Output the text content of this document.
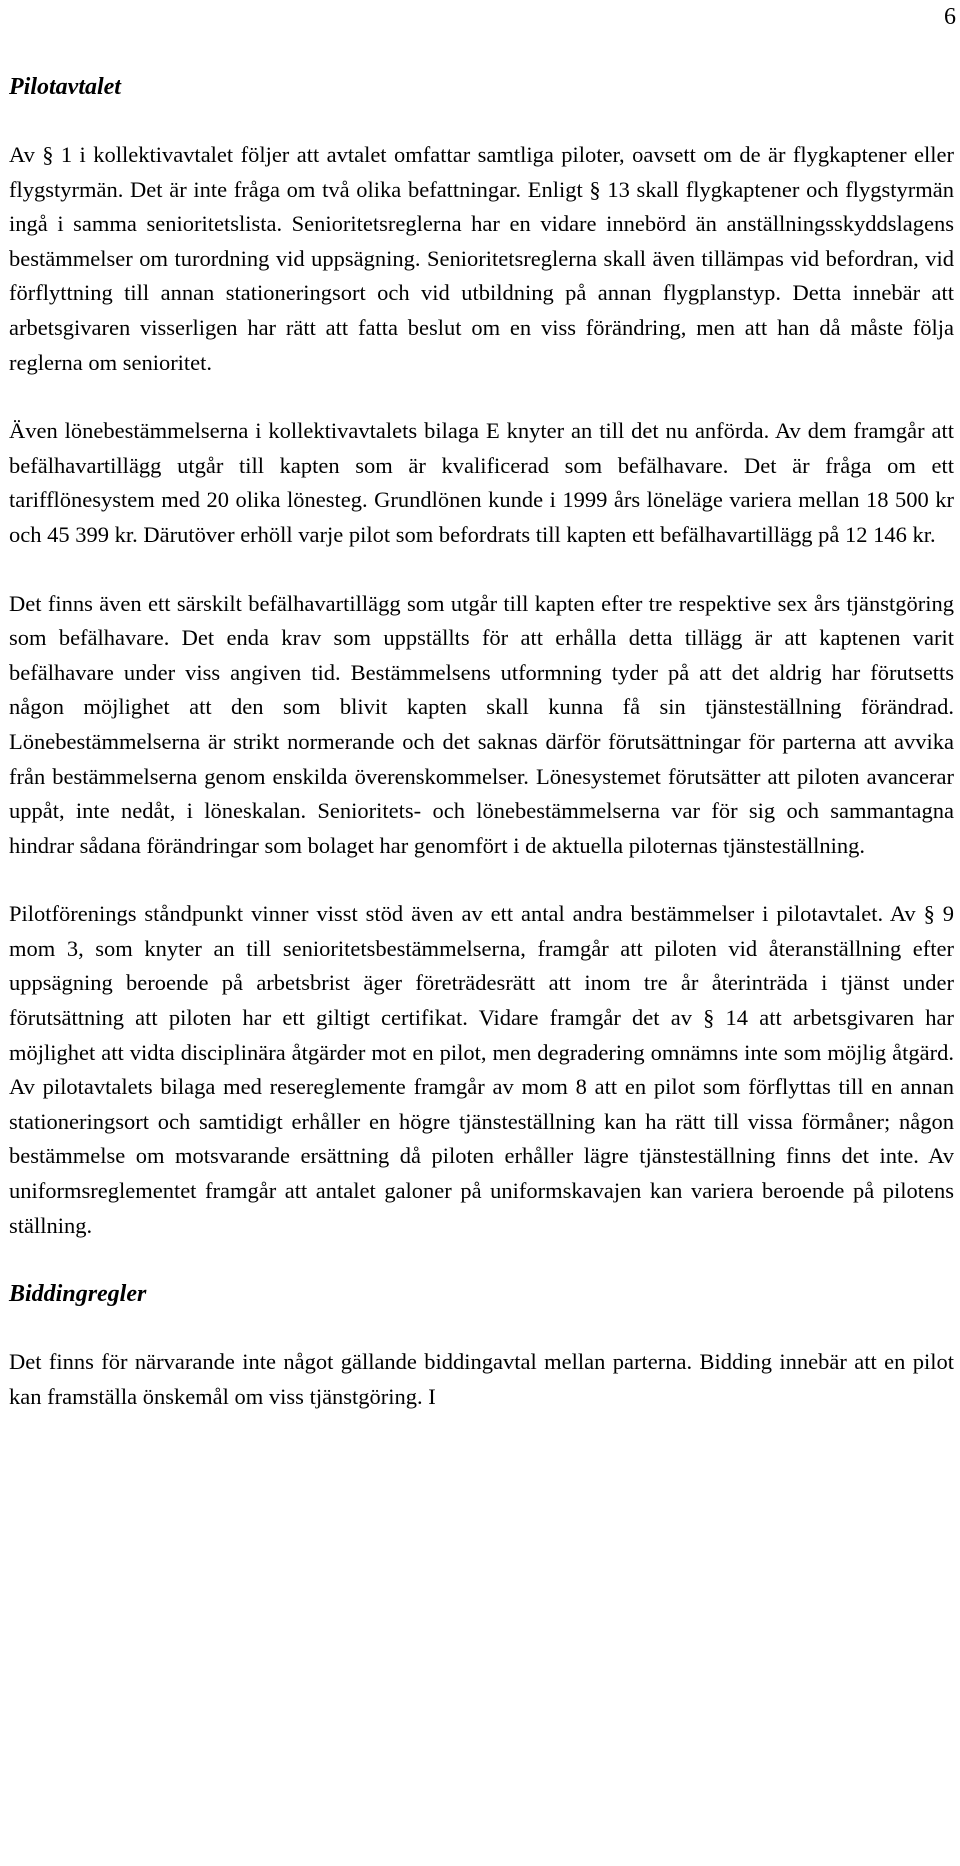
6
Pilotavtalet

Av § 1 i kollektivavtalet följer att avtalet omfattar samtliga piloter, oavsett om de är flygkaptener eller flygstyrmän. Det är inte fråga om två olika befattningar. Enligt § 13 skall flygkaptener och flygstyrmän ingå i samma senioritetslista. Senioritetsreglerna har en vidare innebörd än anställningsskyddslagens bestämmelser om turordning vid uppsägning. Senioritetsreglerna skall även tillämpas vid befordran, vid förflyttning till annan stationeringsort och vid utbildning på annan flygplanstyp. Detta innebär att arbetsgivaren visserligen har rätt att fatta beslut om en viss förändring, men att han då måste följa reglerna om senioritet.

Även lönebestämmelserna i kollektivavtalets bilaga E knyter an till det nu anförda. Av dem framgår att befälhavartillägg utgår till kapten som är kvalificerad som befälhavare. Det är fråga om ett tarifflönesystem med 20 olika lönesteg. Grundlönen kunde i 1999 års löneläge variera mellan 18 500 kr och 45 399 kr. Därutöver erhöll varje pilot som befordrats till kapten ett befälhavartillägg på 12 146 kr.

Det finns även ett särskilt befälhavartillägg som utgår till kapten efter tre respektive sex års tjänstgöring som befälhavare. Det enda krav som uppställts för att erhålla detta tillägg är att kaptenen varit befälhavare under viss angiven tid. Bestämmelsens utformning tyder på att det aldrig har förutsetts någon möjlighet att den som blivit kapten skall kunna få sin tjänsteställning förändrad. Lönebestämmelserna är strikt normerande och det saknas därför förutsättningar för parterna att avvika från bestämmelserna genom enskilda överenskommelser. Lönesystemet förutsätter att piloten avancerar uppåt, inte nedåt, i löneskalan. Senioritets- och lönebestämmelserna var för sig och sammantagna hindrar sådana förändringar som bolaget har genomfört i de aktuella piloternas tjänsteställning.

Pilotförenings ståndpunkt vinner visst stöd även av ett antal andra bestämmelser i pilotavtalet. Av § 9 mom 3, som knyter an till senioritetsbestämmelserna, framgår att piloten vid återanställning efter uppsägning beroende på arbetsbrist äger företrädesrätt att inom tre år återinträda i tjänst under förutsättning att piloten har ett giltigt certifikat. Vidare framgår det av § 14 att arbetsgivaren har möjlighet att vidta disciplinära åtgärder mot en pilot, men degradering omnämns inte som möjlig åtgärd. Av pilotavtalets bilaga med resereglemente framgår av mom 8 att en pilot som förflyttas till en annan stationeringsort och samtidigt erhåller en högre tjänsteställning kan ha rätt till vissa förmåner; någon bestämmelse om motsvarande ersättning då piloten erhåller lägre tjänsteställning finns det inte. Av uniformsreglementet framgår att antalet galoner på uniformskavajen kan variera beroende på pilotens ställning.

Biddingregler

Det finns för närvarande inte något gällande biddingavtal mellan parterna. Bidding innebär att en pilot kan framställa önskemål om viss tjänstgöring. I
